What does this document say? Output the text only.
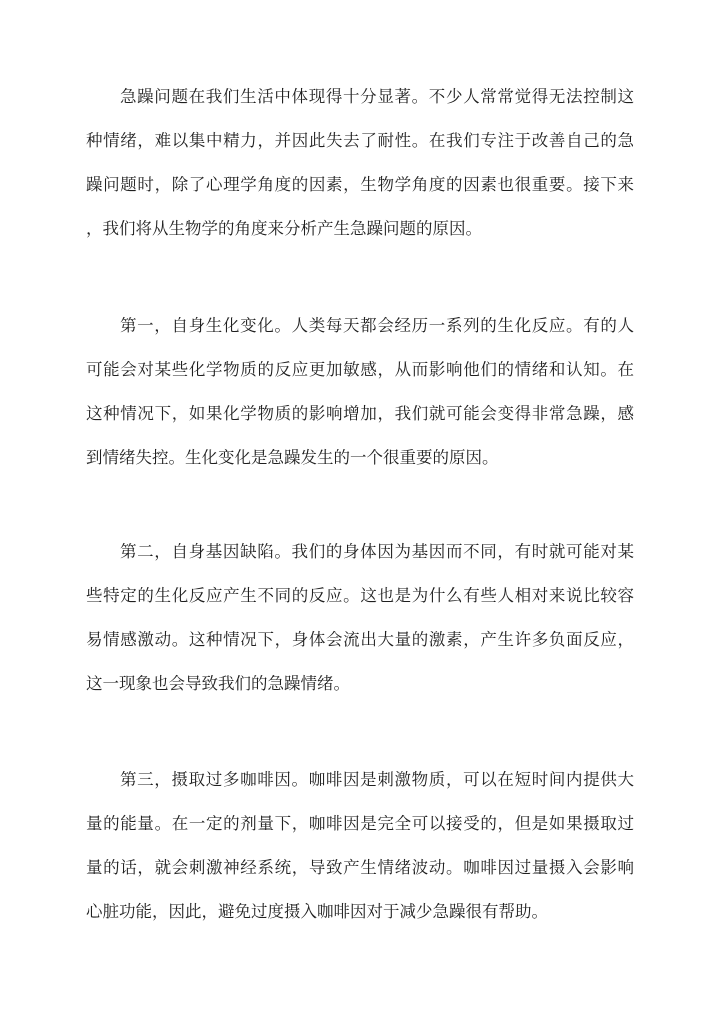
急躁问题在我们生活中体现得十分显著。不少人常常觉得无法控制这
种情绪，难以集中精力，并因此失去了耐性。在我们专注于改善自己的急
躁问题时，除了心理学角度的因素，生物学角度的因素也很重要。接下来
，我们将从生物学的角度来分析产生急躁问题的原因。
第一，自身生化变化。人类每天都会经历一系列的生化反应。有的人
可能会对某些化学物质的反应更加敏感，从而影响他们的情绪和认知。在
这种情况下，如果化学物质的影响增加，我们就可能会变得非常急躁，感
到情绪失控。生化变化是急躁发生的一个很重要的原因。
第二，自身基因缺陷。我们的身体因为基因而不同，有时就可能对某
些特定的生化反应产生不同的反应。这也是为什么有些人相对来说比较容
易情感激动。这种情况下，身体会流出大量的激素，产生许多负面反应，
这一现象也会导致我们的急躁情绪。
第三，摄取过多咖啡因。咖啡因是刺激物质，可以在短时间内提供大
量的能量。在一定的剂量下，咖啡因是完全可以接受的，但是如果摄取过
量的话，就会刺激神经系统，导致产生情绪波动。咖啡因过量摄入会影响
心脏功能，因此，避免过度摄入咖啡因对于减少急躁很有帮助。
